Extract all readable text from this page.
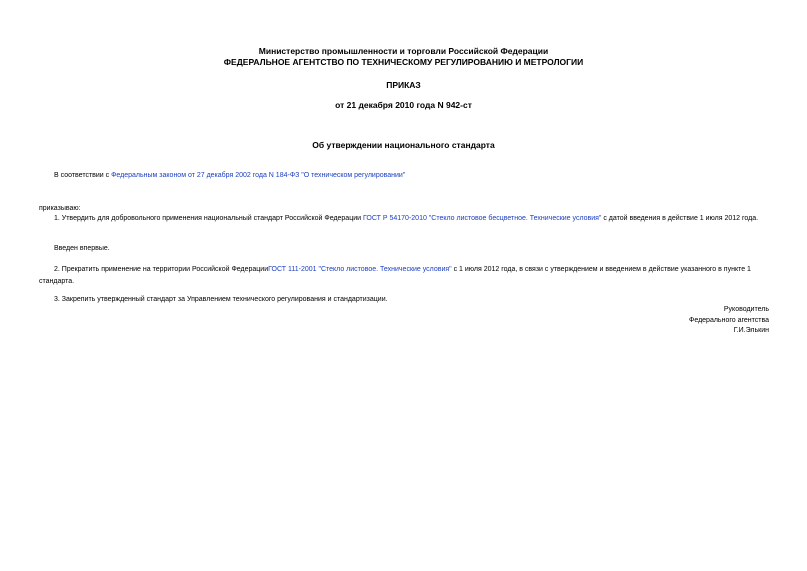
Министерство промышленности и торговли Российской Федерации
ФЕДЕРАЛЬНОЕ АГЕНТСТВО ПО ТЕХНИЧЕСКОМУ РЕГУЛИРОВАНИЮ И МЕТРОЛОГИИ
ПРИКАЗ
от 21 декабря 2010 года N 942-ст
Об утверждении национального стандарта
В соответствии с Федеральным законом от 27 декабря 2002 года N 184-ФЗ "О техническом регулировании"
приказываю:
1. Утвердить для добровольного применения национальный стандарт Российской Федерации ГОСТ Р 54170-2010 "Стекло листовое бесцветное. Технические условия" с датой введения в действие 1 июля 2012 года.
Введен впервые.
2. Прекратить применение на территории Российской ФедерацииГОСТ 111-2001 "Стекло листовое. Технические условия" с 1 июля 2012 года, в связи с утверждением и введением в действие указанного в пункте 1 стандарта.
3. Закрепить утвержденный стандарт за Управлением технического регулирования и стандартизации.
Руководитель
Федерального агентства
Г.И.Элькин
